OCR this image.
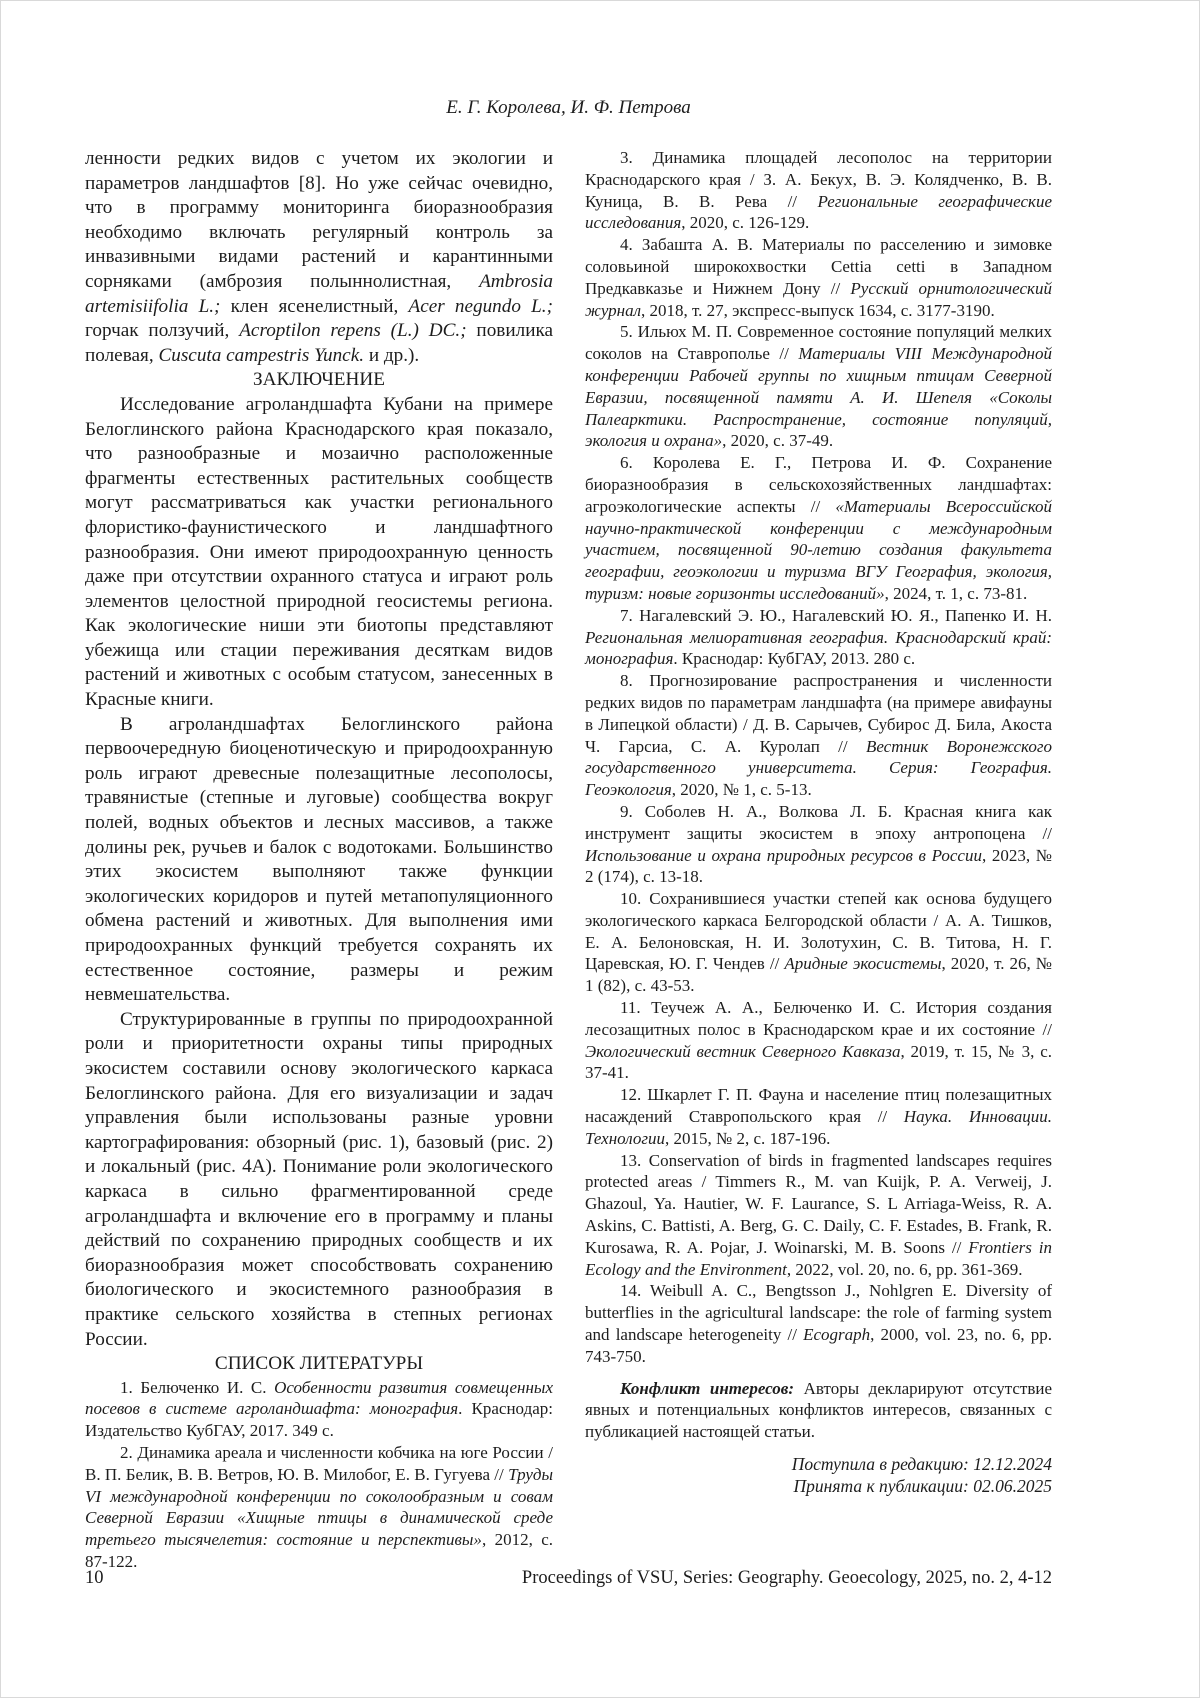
Е. Г. Королева, И. Ф. Петрова

ленности редких видов с учетом их экологии и параметров ландшафтов [8]. Но уже сейчас очевидно, что в программу мониторинга биоразнообразия необходимо включать регулярный контроль за инвазивными видами растений и карантинными сорняками (амброзия полыннолистная, Ambrosia artemisiifolia L.; клен ясенелистный, Acer negundo L.; горчак ползучий, Acroptilon repens (L.) DC.; повилика полевая, Cuscuta campestris Yunck. и др.).

ЗАКЛЮЧЕНИЕ

Исследование агроландшафта Кубани на примере Белоглинского района Краснодарского края показало, что разнообразные и мозаично расположенные фрагменты естественных растительных сообществ могут рассматриваться как участки регионального флористико-фаунистического и ландшафтного разнообразия. Они имеют природоохранную ценность даже при отсутствии охранного статуса и играют роль элементов целостной природной геосистемы региона. Как экологические ниши эти биотопы представляют убежища или стации переживания десяткам видов растений и животных с особым статусом, занесенных в Красные книги.

В агроландшафтах Белоглинского района первоочередную биоценотическую и природоохранную роль играют древесные полезащитные лесополосы, травянистые (степные и луговые) сообщества вокруг полей, водных объектов и лесных массивов, а также долины рек, ручьев и балок с водотоками. Большинство этих экосистем выполняют также функции экологических коридоров и путей метапопуляционного обмена растений и животных. Для выполнения ими природоохранных функций требуется сохранять их естественное состояние, размеры и режим невмешательства.

Структурированные в группы по природоохранной роли и приоритетности охраны типы природных экосистем составили основу экологического каркаса Белоглинского района. Для его визуализации и задач управления были использованы разные уровни картографирования: обзорный (рис. 1), базовый (рис. 2) и локальный (рис. 4А). Понимание роли экологического каркаса в сильно фрагментированной среде агроландшафта и включение его в программу и планы действий по сохранению природных сообществ и их биоразнообразия может способствовать сохранению биологического и экосистемного разнообразия в практике сельского хозяйства в степных регионах России.

СПИСОК ЛИТЕРАТУРЫ

1. Белюченко И. С. Особенности развития совмещенных посевов в системе агроландшафта: монография. Краснодар: Издательство КубГАУ, 2017. 349 с.

2. Динамика ареала и численности кобчика на юге России / В. П. Белик, В. В. Ветров, Ю. В. Милобог, Е. В. Гугуева // Труды VI международной конференции по соколообразным и совам Северной Евразии «Хищные птицы в динамической среде третьего тысячелетия: состояние и перспективы», 2012, с. 87-122.

3. Динамика площадей лесополос на территории Краснодарского края / З. А. Бекух, В. Э. Колядченко, В. В. Куница, В. В. Рева // Региональные географические исследования, 2020, с. 126-129.

4. Забашта А. В. Материалы по расселению и зимовке соловьиной широкохвостки Cettia cetti в Западном Предкавказье и Нижнем Дону // Русский орнитологический журнал, 2018, т. 27, экспресс-выпуск 1634, с. 3177-3190.

5. Ильюх М. П. Современное состояние популяций мелких соколов на Ставрополье // Материалы VIII Международной конференции Рабочей группы по хищным птицам Северной Евразии, посвященной памяти А. И. Шепеля «Соколы Палеарктики. Распространение, состояние популяций, экология и охрана», 2020, с. 37-49.

6. Королева Е. Г., Петрова И. Ф. Сохранение биоразнообразия в сельскохозяйственных ландшафтах: агроэкологические аспекты // «Материалы Всероссийской научно-практической конференции с международным участием, посвященной 90-летию создания факультета географии, геоэкологии и туризма ВГУ География, экология, туризм: новые горизонты исследований», 2024, т. 1, с. 73-81.

7. Нагалевский Э. Ю., Нагалевский Ю. Я., Папенко И. Н. Региональная мелиоративная география. Краснодарский край: монография. Краснодар: КубГАУ, 2013. 280 с.

8. Прогнозирование распространения и численности редких видов по параметрам ландшафта (на примере авифауны в Липецкой области) / Д. В. Сарычев, Субирос Д. Била, Акоста Ч. Гарсиа, С. А. Куролап // Вестник Воронежского государственного университета. Серия: География. Геоэкология, 2020, № 1, с. 5-13.

9. Соболев Н. А., Волкова Л. Б. Красная книга как инструмент защиты экосистем в эпоху антропоцена // Использование и охрана природных ресурсов в России, 2023, № 2 (174), с. 13-18.

10. Сохранившиеся участки степей как основа будущего экологического каркаса Белгородской области / А. А. Тишков, Е. А. Белоновская, Н. И. Золотухин, С. В. Титова, Н. Г. Царевская, Ю. Г. Чендев // Аридные экосистемы, 2020, т. 26, № 1 (82), с. 43-53.

11. Теучеж А. А., Белюченко И. С. История создания лесозащитных полос в Краснодарском крае и их состояние // Экологический вестник Северного Кавказа, 2019, т. 15, № 3, с. 37-41.

12. Шкарлет Г. П. Фауна и население птиц полезащитных насаждений Ставропольского края // Наука. Инновации. Технологии, 2015, № 2, с. 187-196.

13. Conservation of birds in fragmented landscapes requires protected areas / Timmers R., M. van Kuijk, P. A. Verweij, J. Ghazoul, Ya. Hautier, W. F. Laurance, S. L Arriaga-Weiss, R. A. Askins, C. Battisti, A. Berg, G. C. Daily, C. F. Estades, B. Frank, R. Kurosawa, R. A. Pojar, J. Woinarski, M. B. Soons // Frontiers in Ecology and the Environment, 2022, vol. 20, no. 6, pp. 361-369.

14. Weibull A. C., Bengtsson J., Nohlgren E. Diversity of butterflies in the agricultural landscape: the role of farming system and landscape heterogeneity // Ecograph, 2000, vol. 23, no. 6, pp. 743-750.

Конфликт интересов: Авторы декларируют отсутствие явных и потенциальных конфликтов интересов, связанных с публикацией настоящей статьи.

Поступила в редакцию: 12.12.2024

Принята к публикации: 02.06.2025

10	Proceedings of VSU, Series: Geography. Geoecology, 2025, no. 2, 4-12
